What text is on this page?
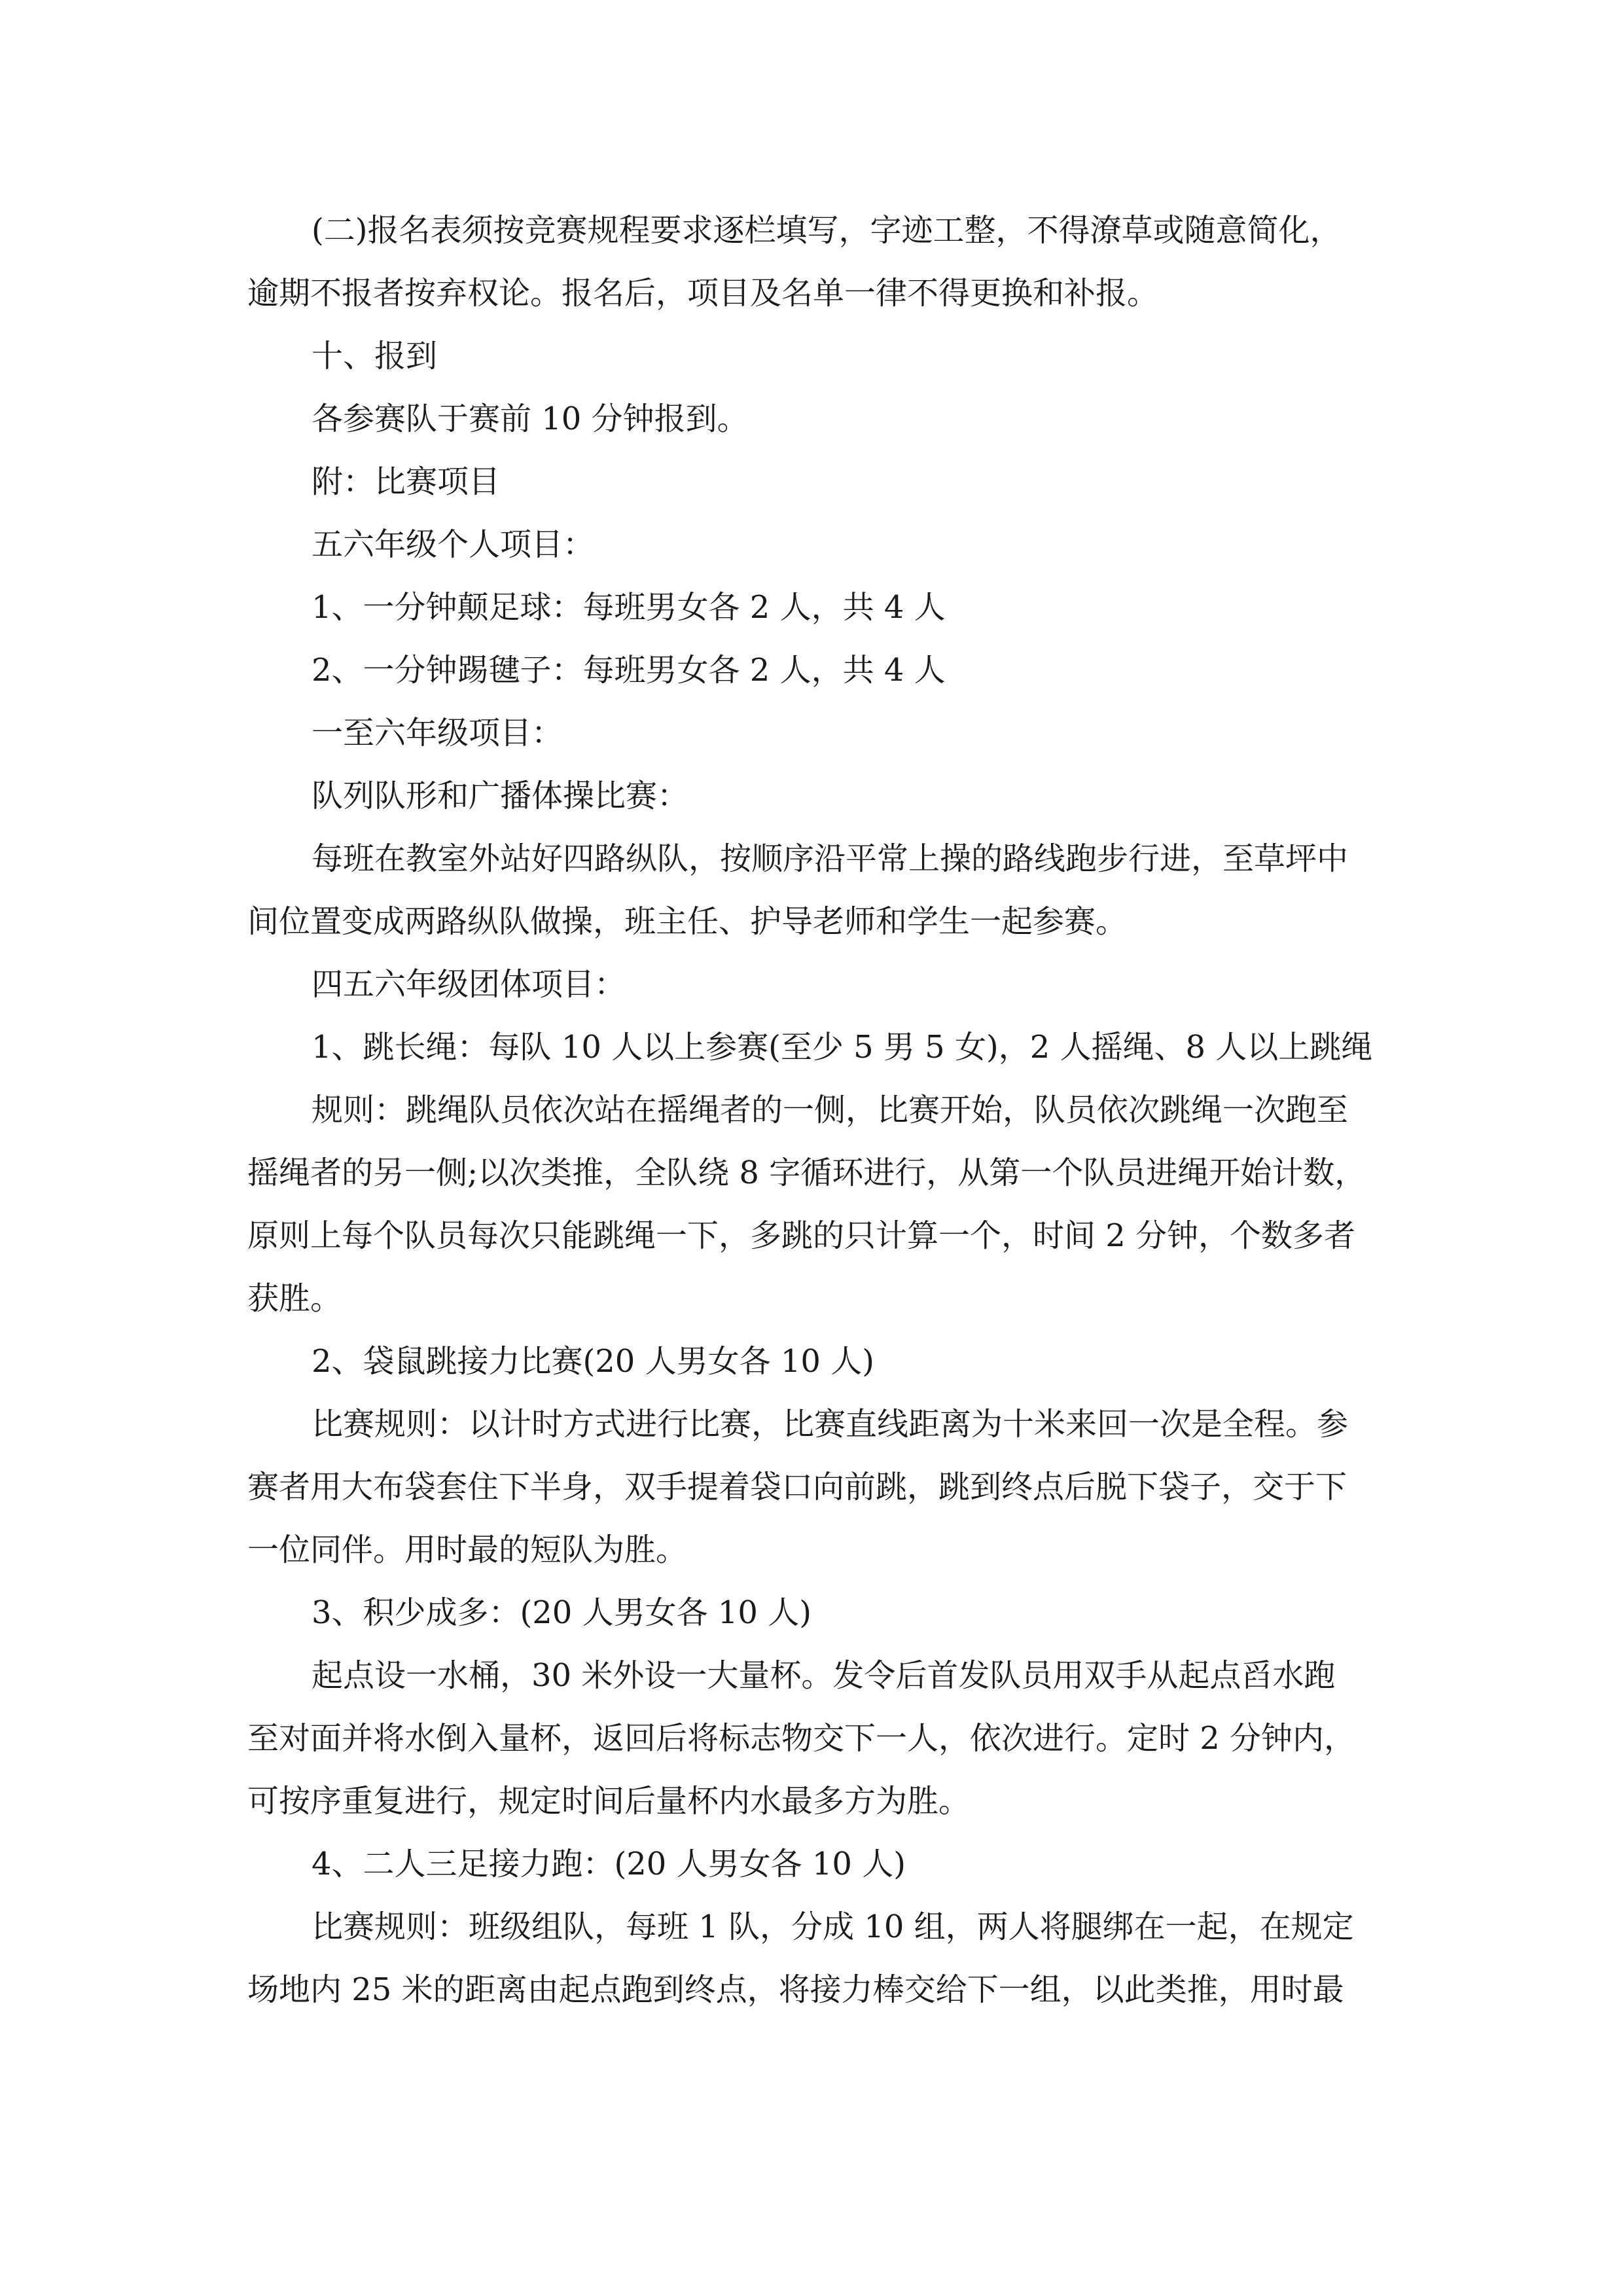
(二)报名表须按竞赛规程要求逐栏填写，字迹工整，不得潦草或随意简化，

逾期不报者按弃权论。报名后，项目及名单一律不得更换和补报。

十、报到

各参赛队于赛前 10 分钟报到。

附：比赛项目

五六年级个人项目：

1、一分钟颠足球：每班男女各 2 人，共 4 人

2、一分钟踢毽子：每班男女各 2 人，共 4 人

一至六年级项目：

队列队形和广播体操比赛：

每班在教室外站好四路纵队，按顺序沿平常上操的路线跑步行进，至草坪中

间位置变成两路纵队做操，班主任、护导老师和学生一起参赛。

四五六年级团体项目：

1、跳长绳：每队 10 人以上参赛(至少 5 男 5 女)，2 人摇绳、8 人以上跳绳

规则：跳绳队员依次站在摇绳者的一侧，比赛开始，队员依次跳绳一次跑至

摇绳者的另一侧;以次类推，全队绕 8 字循环进行，从第一个队员进绳开始计数，

原则上每个队员每次只能跳绳一下，多跳的只计算一个，时间 2 分钟，个数多者

获胜。

2、袋鼠跳接力比赛(20 人男女各 10 人)

比赛规则：以计时方式进行比赛，比赛直线距离为十米来回一次是全程。参

赛者用大布袋套住下半身，双手提着袋口向前跳，跳到终点后脱下袋子，交于下

一位同伴。用时最的短队为胜。

3、积少成多：(20 人男女各 10 人)

起点设一水桶，30 米外设一大量杯。发令后首发队员用双手从起点舀水跑

至对面并将水倒入量杯，返回后将标志物交下一人，依次进行。定时 2 分钟内，

可按序重复进行，规定时间后量杯内水最多方为胜。

4、二人三足接力跑：(20 人男女各 10 人)

比赛规则：班级组队，每班 1 队，分成 10 组，两人将腿绑在一起，在规定

场地内 25 米的距离由起点跑到终点，将接力棒交给下一组，以此类推，用时最
